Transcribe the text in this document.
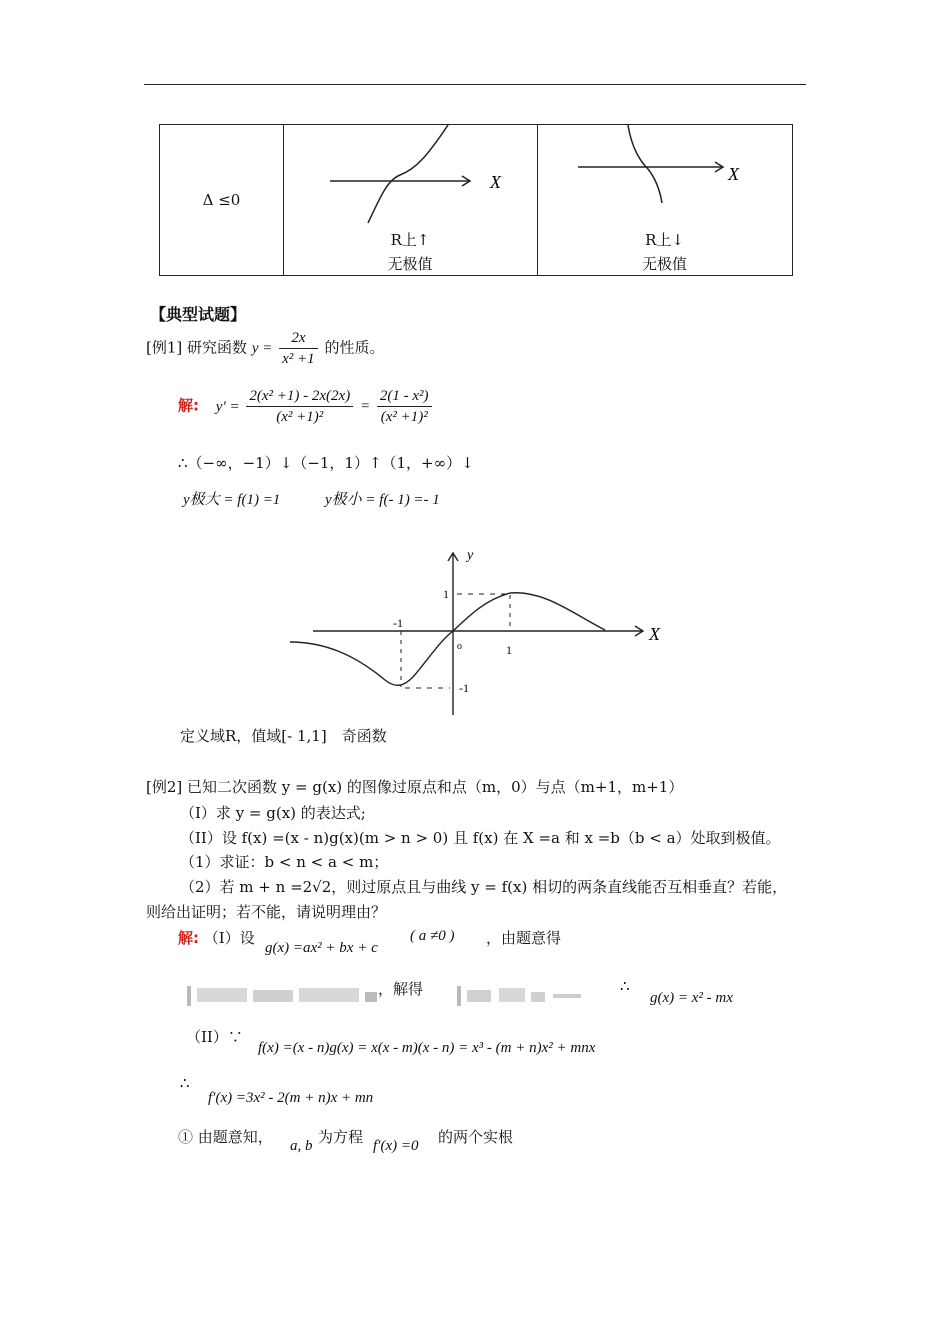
Δ ≤0
X
R上↑
无极值
X
R上↓
无极值
【典型试题】
[例1] 研究函数 $y = \frac{2x}{\text{x² +1}}$ 的性质。
解: $y' = \frac{\text{2(x² +1) - 2x(2x)}}{\text{(x² +1)²}} = \frac{\text{2(1 - x²)}}{\text{(x² +1)²}}$
∴（−∞，−1）↓（−1，1）↑（1，+∞）↓
y极大 = f(1) =1	y极小 = f(- 1) =- 1
y
X
1
-1
1
-1
o
定义域R，值域[- 1,1]　奇函数
[例2] 已知二次函数 y = g(x) 的图像过原点和点（m，0）与点（m+1，m+1）
（I）求 y = g(x) 的表达式;
（II）设 f(x) =(x - n)g(x)(m > n > 0) 且 f(x) 在 X =a 和 x =b（b < a）处取到极值。
（1）求证：b < n < a < m；
（2）若 m + n =2√2，则过原点且与曲线 y = f(x) 相切的两条直线能否互相垂直？若能，
则给出证明；若不能，请说明理由？
解: （I）设
g(x) =ax² + bx + c
( a ≠0 ) ，由题意得
，解得	∴
g(x) = x² - mx
（II）∵
f(x) =(x - n)g(x) = x(x - m)(x - n) = x³ - (m + n)x² + mnx
∴
f′(x) =3x² - 2(m + n)x + mn
① 由题意知， a, b 为方程 f′(x) =0 的两个实根
